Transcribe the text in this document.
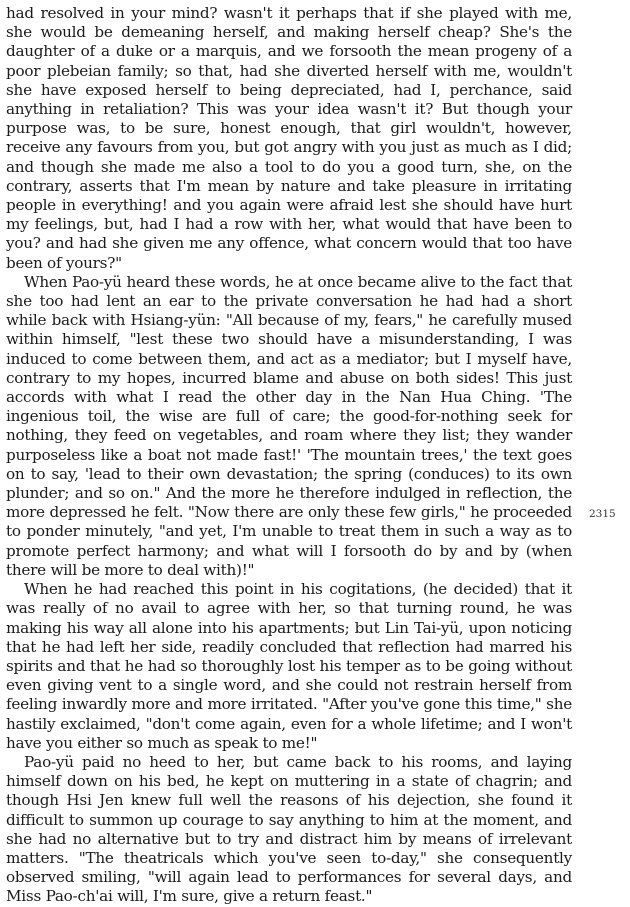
had resolved in your mind? wasn't it perhaps that if she played with me, she would be demeaning herself, and making herself cheap? She's the daughter of a duke or a marquis, and we forsooth the mean progeny of a poor plebeian family; so that, had she diverted herself with me, wouldn't she have exposed herself to being depreciated, had I, perchance, said anything in retaliation? This was your idea wasn't it? But though your purpose was, to be sure, honest enough, that girl wouldn't, however, receive any favours from you, but got angry with you just as much as I did; and though she made me also a tool to do you a good turn, she, on the contrary, asserts that I'm mean by nature and take pleasure in irritating people in everything! and you again were afraid lest she should have hurt my feelings, but, had I had a row with her, what would that have been to you? and had she given me any offence, what concern would that too have been of yours?"

When Pao-yü heard these words, he at once became alive to the fact that she too had lent an ear to the private conversation he had had a short while back with Hsiang-yün: "All because of my, fears," he carefully mused within himself, "lest these two should have a misunderstanding, I was induced to come between them, and act as a mediator; but I myself have, contrary to my hopes, incurred blame and abuse on both sides! This just accords with what I read the other day in the Nan Hua Ching. 'The ingenious toil, the wise are full of care; the good-for-nothing seek for nothing, they feed on vegetables, and roam where they list; they wander purposeless like a boat not made fast!' 'The mountain trees,' the text goes on to say, 'lead to their own devastation; the spring (conduces) to its own plunder; and so on." And the more he therefore indulged in reflection, the more depressed he felt. "Now there are only these few girls," he proceeded to ponder minutely, "and yet, I'm unable to treat them in such a way as to promote perfect harmony; and what will I forsooth do by and by (when there will be more to deal with)!"

When he had reached this point in his cogitations, (he decided) that it was really of no avail to agree with her, so that turning round, he was making his way all alone into his apartments; but Lin Tai-yü, upon noticing that he had left her side, readily concluded that reflection had marred his spirits and that he had so thoroughly lost his temper as to be going without even giving vent to a single word, and she could not restrain herself from feeling inwardly more and more irritated. "After you've gone this time," she hastily exclaimed, "don't come again, even for a whole lifetime; and I won't have you either so much as speak to me!"

Pao-yü paid no heed to her, but came back to his rooms, and laying himself down on his bed, he kept on muttering in a state of chagrin; and though Hsi Jen knew full well the reasons of his dejection, she found it difficult to summon up courage to say anything to him at the moment, and she had no alternative but to try and distract him by means of irrelevant matters. "The theatricals which you've seen to-day," she consequently observed smiling, "will again lead to performances for several days, and Miss Pao-ch'ai will, I'm sure, give a return feast."

2315
